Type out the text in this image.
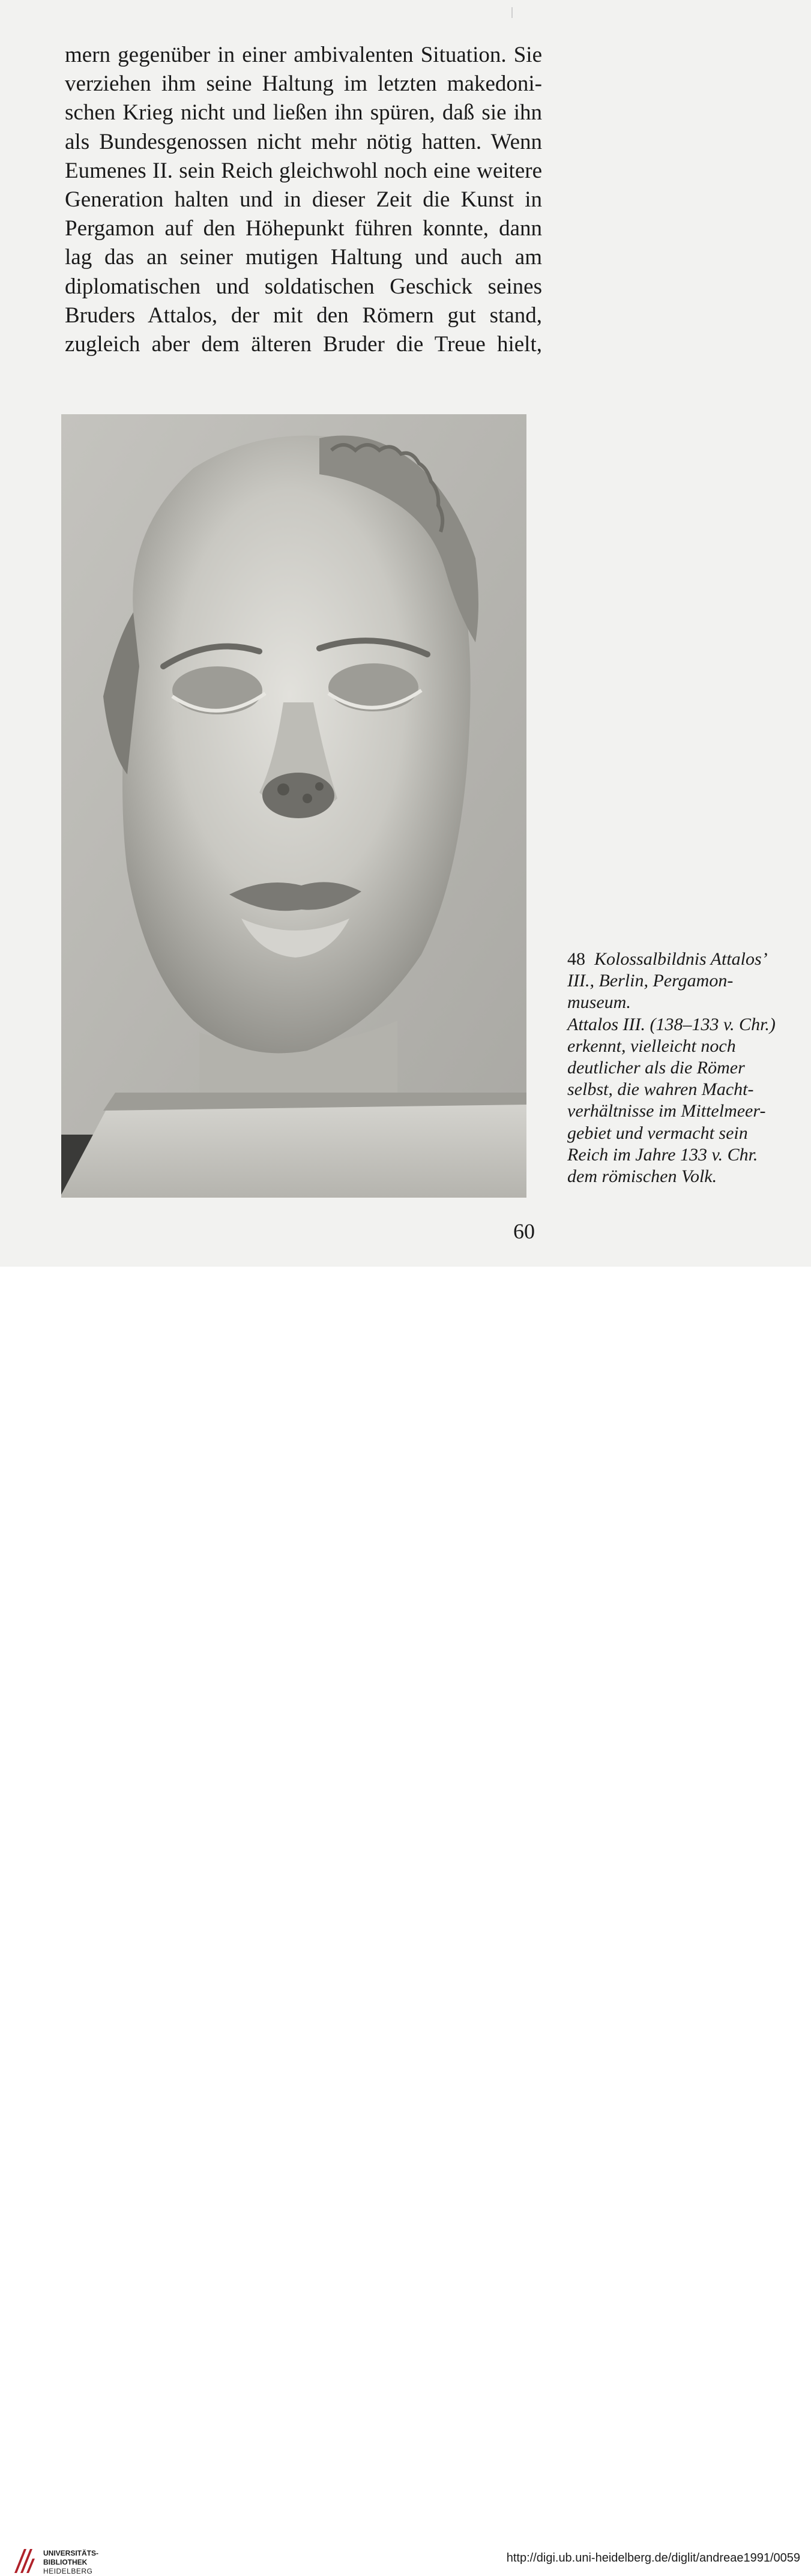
mern gegenüber in einer ambivalenten Situation. Sie
verziehen ihm seine Haltung im letzten makedoni-
schen Krieg nicht und ließen ihn spüren, daß sie ihn
als Bundesgenossen nicht mehr nötig hatten. Wenn
Eumenes II. sein Reich gleichwohl noch eine weitere
Generation halten und in dieser Zeit die Kunst in
Pergamon auf den Höhepunkt führen konnte, dann
lag das an seiner mutigen Haltung und auch am
diplomatischen und soldatischen Geschick seines
Bruders Attalos, der mit den Römern gut stand,
zugleich aber dem älteren Bruder die Treue hielt,
48  Kolossalbildnis Attalos’
III., Berlin, Pergamon-
museum.
Attalos III. (138–133 v. Chr.)
erkennt, vielleicht noch
deutlicher als die Römer
selbst, die wahren Macht-
verhältnisse im Mittelmeer-
gebiet und vermacht sein
Reich im Jahre 133 v. Chr.
dem römischen Volk.
60
UNIVERSITÄTS-
BIBLIOTHEK
HEIDELBERG
http://digi.ub.uni-heidelberg.de/diglit/andreae1991/0059
